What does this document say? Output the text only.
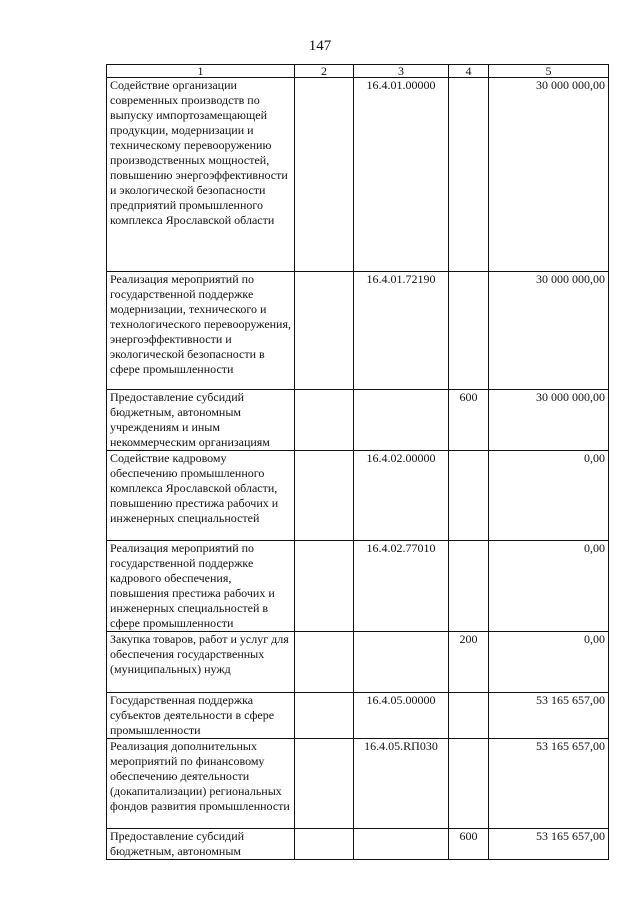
147
1	2	3	4	5
Содействие организации современных производств по выпуску импортозамещающей продукции, модернизации и техническому перевооружению производственных мощностей, повышению энергоэффективности и экологической безопасности предприятий промышленного комплекса Ярославской области		16.4.01.00000		30 000 000,00
Реализация мероприятий по государственной поддержке модернизации, технического и технологического перевооружения, энергоэффективности и экологической безопасности в сфере промышленности		16.4.01.72190		30 000 000,00
Предоставление субсидий бюджетным, автономным учреждениям и иным некоммерческим организациям			600	30 000 000,00
Содействие кадровому обеспечению промышленного комплекса Ярославской области, повышению престижа рабочих и инженерных специальностей		16.4.02.00000		0,00
Реализация мероприятий по государственной поддержке кадрового обеспечения, повышения престижа рабочих и инженерных специальностей в сфере промышленности		16.4.02.77010		0,00
Закупка товаров, работ и услуг для обеспечения государственных (муниципальных) нужд			200	0,00
Государственная поддержка субъектов деятельности в сфере промышленности		16.4.05.00000		53 165 657,00
Реализация дополнительных мероприятий по финансовому обеспечению деятельности (докапитализации) региональных фондов развития промышленности		16.4.05.RП030		53 165 657,00
Предоставление субсидий бюджетным, автономным			600	53 165 657,00
